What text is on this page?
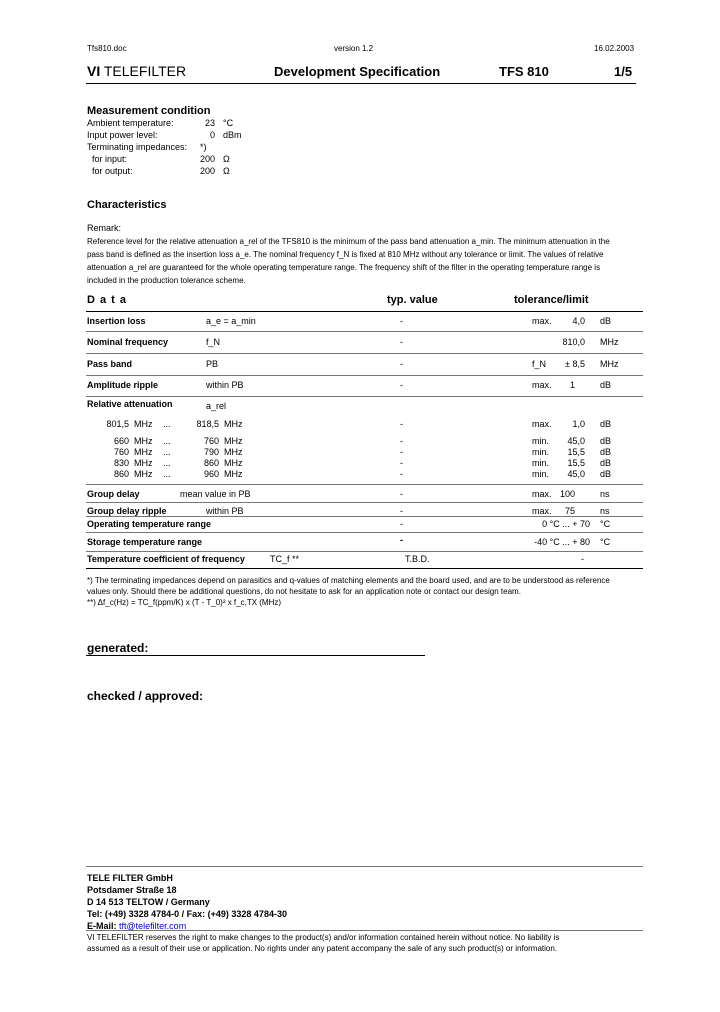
Tfs810.doc	version 1.2	16.02.2003
VI TELEFILTER	Development Specification	TFS 810	1/5
Measurement condition
Ambient temperature:	23 °C
Input power level:	0 dBm
Terminating impedances: *)
for input:	200 Ω
for output:	200 Ω
Characteristics
Remark:
Reference level for the relative attenuation a_rel of the TFS810 is the minimum of the pass band attenuation a_min. The minimum attenuation in the
pass band is defined as the insertion loss a_e. The nominal frequency f_N is fixed at 810 MHz without any tolerance or limit. The values of relative
attenuation a_rel are guaranteed for the whole operating temperature range. The frequency shift of the filter in the operating temperature range is
included in the production tolerance scheme.
D a t a	typ. value	tolerance/limit
Insertion loss	a_e = a_min	-	max.	4,0 dB
Nominal frequency	f_N	-	810,0 MHz
Pass band	PB	-	f_N	± 8,5 MHz
Amplitude ripple	within PB	-	max.	1	dB
Relative attenuation	a_rel
801,5 MHz ...	818,5 MHz	-	max.	1,0 dB
660 MHz ...	760 MHz	-	min.	45,0 dB
760 MHz ...	790 MHz	-	min.	15,5 dB
830 MHz ...	860 MHz	-	min.	15,5 dB
860 MHz ...	960 MHz	-	min.	45,0 dB
Group delay	mean value in PB	-	max. 100	ns
Group delay ripple	within PB	-	max.	75	ns
Operating temperature range	-	0 °C ... + 70 °C
Storage temperature range	-	-40 °C ... + 80 °C
Temperature coefficient of frequency	TC_f **	T.B.D.	-
*) The terminating impedances depend on parasitics and q-values of matching elements and the board used, and are to be understood as reference
values only. Should there be additional questions, do not hesitate to ask for an application note or contact our design team.
**) Δf_c(Hz) = TC_f(ppm/K) x (T - T_0)² x f_c,TX (MHz)
generated:
checked / approved:
TELE FILTER GmbH
Potsdamer Straße 18
D 14 513 TELTOW / Germany
Tel: (+49) 3328 4784-0 / Fax: (+49) 3328 4784-30
E-Mail: tft@telefilter.com
VI TELEFILTER reserves the right to make changes to the product(s) and/or information contained herein without notice. No liability is
assumed as a result of their use or application. No rights under any patent accompany the sale of any such product(s) or information.
